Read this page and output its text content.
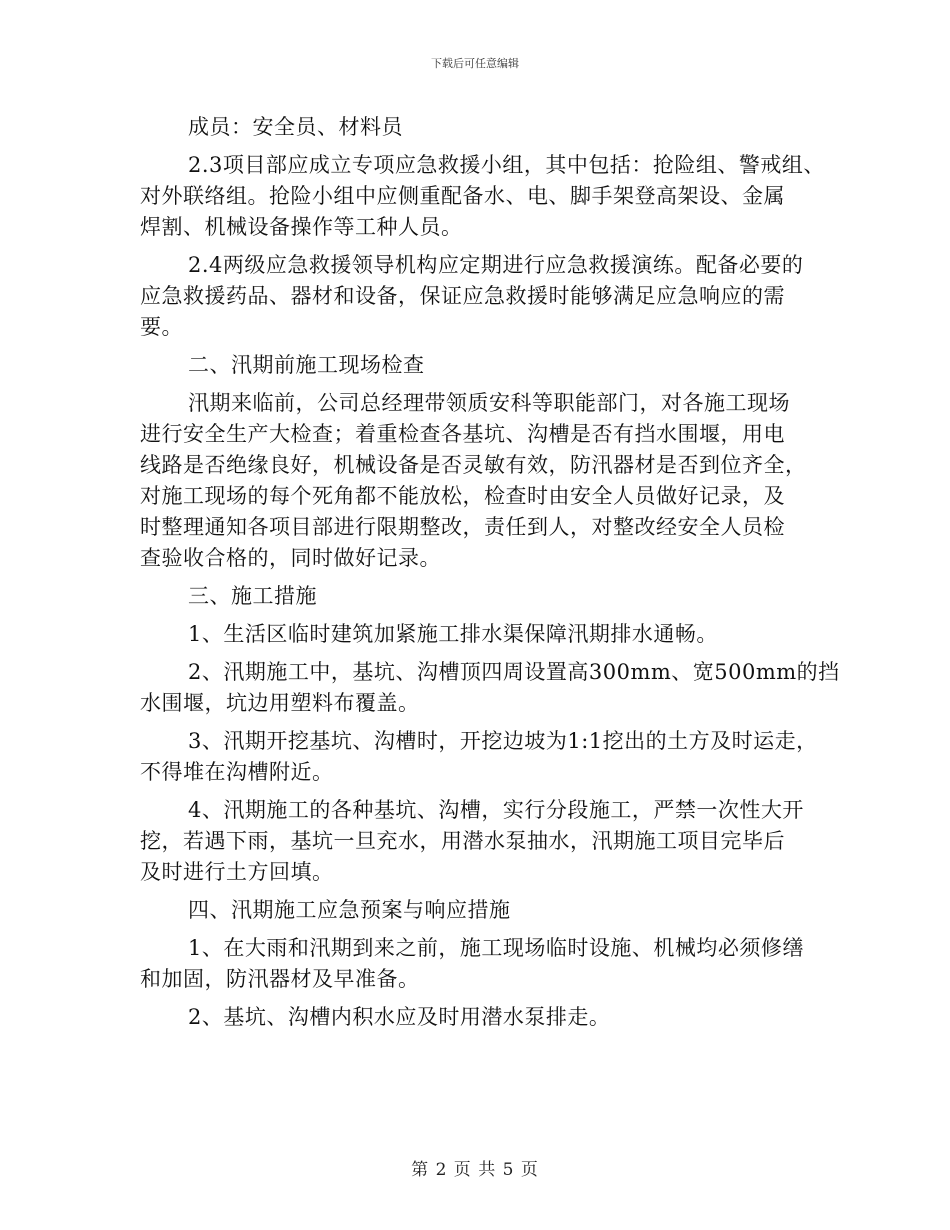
下载后可任意编辑
成员：安全员、材料员
2.3项目部应成立专项应急救援小组，其中包括：抢险组、警戒组、
对外联络组。抢险小组中应侧重配备水、电、脚手架登高架设、金属
焊割、机械设备操作等工种人员。
2.4两级应急救援领导机构应定期进行应急救援演练。配备必要的
应急救援药品、器材和设备，保证应急救援时能够满足应急响应的需
要。
二、汛期前施工现场检查
汛期来临前，公司总经理带领质安科等职能部门，对各施工现场
进行安全生产大检查；着重检查各基坑、沟槽是否有挡水围堰，用电
线路是否绝缘良好，机械设备是否灵敏有效，防汛器材是否到位齐全，
对施工现场的每个死角都不能放松，检查时由安全人员做好记录，及
时整理通知各项目部进行限期整改，责任到人，对整改经安全人员检
查验收合格的，同时做好记录。
三、施工措施
1、生活区临时建筑加紧施工排水渠保障汛期排水通畅。
2、汛期施工中，基坑、沟槽顶四周设置高300mm、宽500mm的挡
水围堰，坑边用塑料布覆盖。
3、汛期开挖基坑、沟槽时，开挖边坡为1:1挖出的土方及时运走，
不得堆在沟槽附近。
4、汛期施工的各种基坑、沟槽，实行分段施工，严禁一次性大开
挖，若遇下雨，基坑一旦充水，用潜水泵抽水，汛期施工项目完毕后
及时进行土方回填。
四、汛期施工应急预案与响应措施
1、在大雨和汛期到来之前，施工现场临时设施、机械均必须修缮
和加固，防汛器材及早准备。
2、基坑、沟槽内积水应及时用潜水泵排走。
第 2 页 共 5 页
